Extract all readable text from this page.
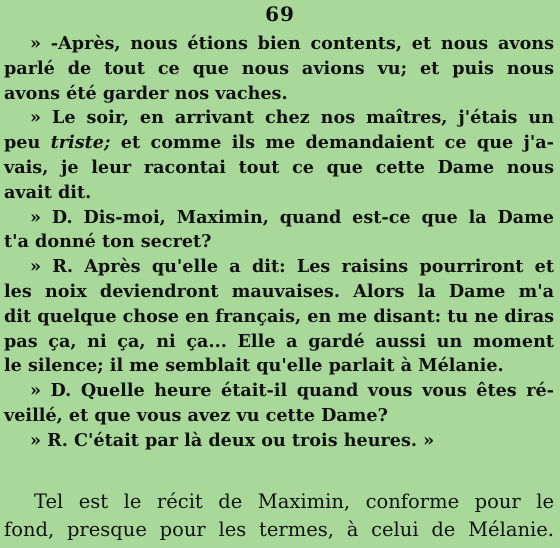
69
» -Après, nous étions bien contents, et nous avons
parlé de tout ce que nous avions vu; et puis nous
avons été garder nos vaches.
» Le soir, en arrivant chez nos maîtres, j'étais un
peu triste; et comme ils me demandaient ce que j'a-
vais, je leur racontai tout ce que cette Dame nous
avait dit.
» D. Dis-moi, Maximin, quand est-ce que la Dame
t'a donné ton secret?
» R. Après qu'elle a dit: Les raisins pourriront et
les noix deviendront mauvaises. Alors la Dame m'a
dit quelque chose en français, en me disant: tu ne diras
pas ça, ni ça, ni ça... Elle a gardé aussi un moment
le silence; il me semblait qu'elle parlait à Mélanie.
» D. Quelle heure était-il quand vous vous êtes ré-
veillé, et que vous avez vu cette Dame?
» R. C'était par là deux ou trois heures. »
Tel est le récit de Maximin, conforme pour le
fond, presque pour les termes, à celui de Mélanie.
